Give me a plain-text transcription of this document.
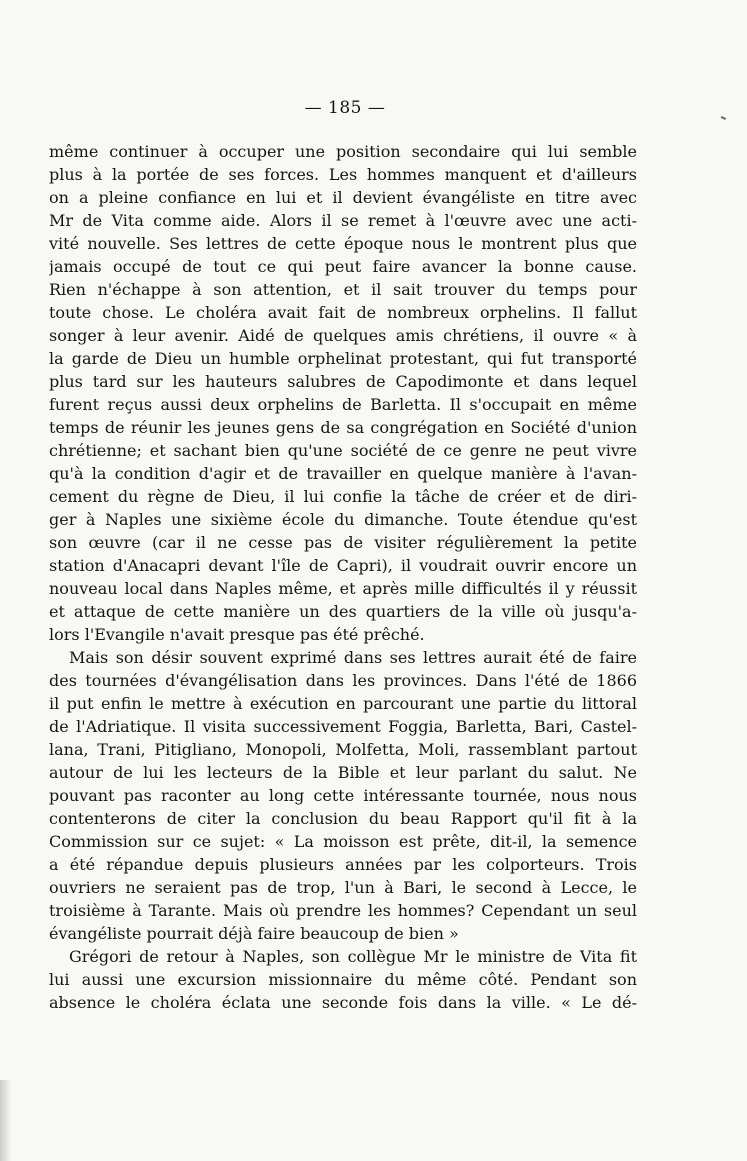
— 185 —
même continuer à occuper une position secondaire qui lui semble
plus à la portée de ses forces. Les hommes manquent et d'ailleurs
on a pleine confiance en lui et il devient évangéliste en titre avec
Mr de Vita comme aide. Alors il se remet à l'œuvre avec une acti-
vité nouvelle. Ses lettres de cette époque nous le montrent plus que
jamais occupé de tout ce qui peut faire avancer la bonne cause.
Rien n'échappe à son attention, et il sait trouver du temps pour
toute chose. Le choléra avait fait de nombreux orphelins. Il fallut
songer à leur avenir. Aidé de quelques amis chrétiens, il ouvre « à
la garde de Dieu un humble orphelinat protestant, qui fut transporté
plus tard sur les hauteurs salubres de Capodimonte et dans lequel
furent reçus aussi deux orphelins de Barletta. Il s'occupait en même
temps de réunir les jeunes gens de sa congrégation en Société d'union
chrétienne; et sachant bien qu'une société de ce genre ne peut vivre
qu'à la condition d'agir et de travailler en quelque manière à l'avan-
cement du règne de Dieu, il lui confie la tâche de créer et de diri-
ger à Naples une sixième école du dimanche. Toute étendue qu'est
son œuvre (car il ne cesse pas de visiter régulièrement la petite
station d'Anacapri devant l'île de Capri), il voudrait ouvrir encore un
nouveau local dans Naples même, et après mille difficultés il y réussit
et attaque de cette manière un des quartiers de la ville où jusqu'a-
lors l'Evangile n'avait presque pas été prêché.
Mais son désir souvent exprimé dans ses lettres aurait été de faire
des tournées d'évangélisation dans les provinces. Dans l'été de 1866
il put enfin le mettre à exécution en parcourant une partie du littoral
de l'Adriatique. Il visita successivement Foggia, Barletta, Bari, Castel-
lana, Trani, Pitigliano, Monopoli, Molfetta, Moli, rassemblant partout
autour de lui les lecteurs de la Bible et leur parlant du salut. Ne
pouvant pas raconter au long cette intéressante tournée, nous nous
contenterons de citer la conclusion du beau Rapport qu'il fit à la
Commission sur ce sujet: « La moisson est prête, dit-il, la semence
a été répandue depuis plusieurs années par les colporteurs. Trois
ouvriers ne seraient pas de trop, l'un à Bari, le second à Lecce, le
troisième à Tarante. Mais où prendre les hommes? Cependant un seul
évangéliste pourrait déjà faire beaucoup de bien »
Grégori de retour à Naples, son collègue Mr le ministre de Vita fit
lui aussi une excursion missionnaire du même côté. Pendant son
absence le choléra éclata une seconde fois dans la ville. « Le dé-
